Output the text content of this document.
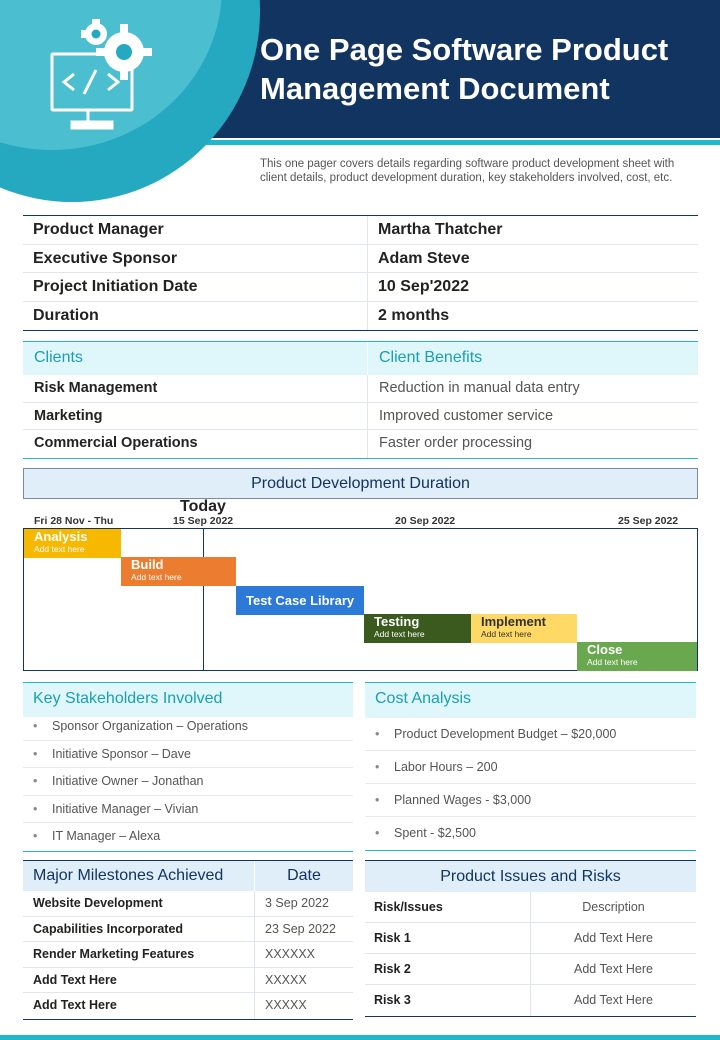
One Page Software Product Management Document
This one pager covers details regarding software product development sheet with client details, product development duration, key stakeholders involved, cost, etc.
Product Manager	Martha Thatcher
Executive Sponsor	Adam Steve
Project Initiation Date	10 Sep'2022
Duration	2 months
Clients	Client Benefits
Risk Management	Reduction in manual data entry
Marketing	Improved customer service
Commercial Operations	Faster order processing
Product Development Duration
Today
Fri 28 Nov - Thu	15 Sep 2022	20 Sep 2022	25 Sep 2022
Analysis
Add text here
Build
Add text here
Test Case Library
Testing
Add text here
Implement
Add text here
Close
Add text here
Key Stakeholders Involved
• Sponsor Organization – Operations
• Initiative Sponsor – Dave
• Initiative Owner – Jonathan
• Initiative Manager – Vivian
• IT Manager – Alexa
Cost Analysis
• Product Development Budget – $20,000
• Labor Hours – 200
• Planned Wages - $3,000
• Spent - $2,500
Major Milestones Achieved	Date
Website Development	3 Sep 2022
Capabilities Incorporated	23 Sep 2022
Render Marketing Features	XXXXXX
Add Text Here	XXXXX
Add Text Here	XXXXX
Product Issues and Risks
Risk/Issues	Description
Risk 1	Add Text Here
Risk 2	Add Text Here
Risk 3	Add Text Here
